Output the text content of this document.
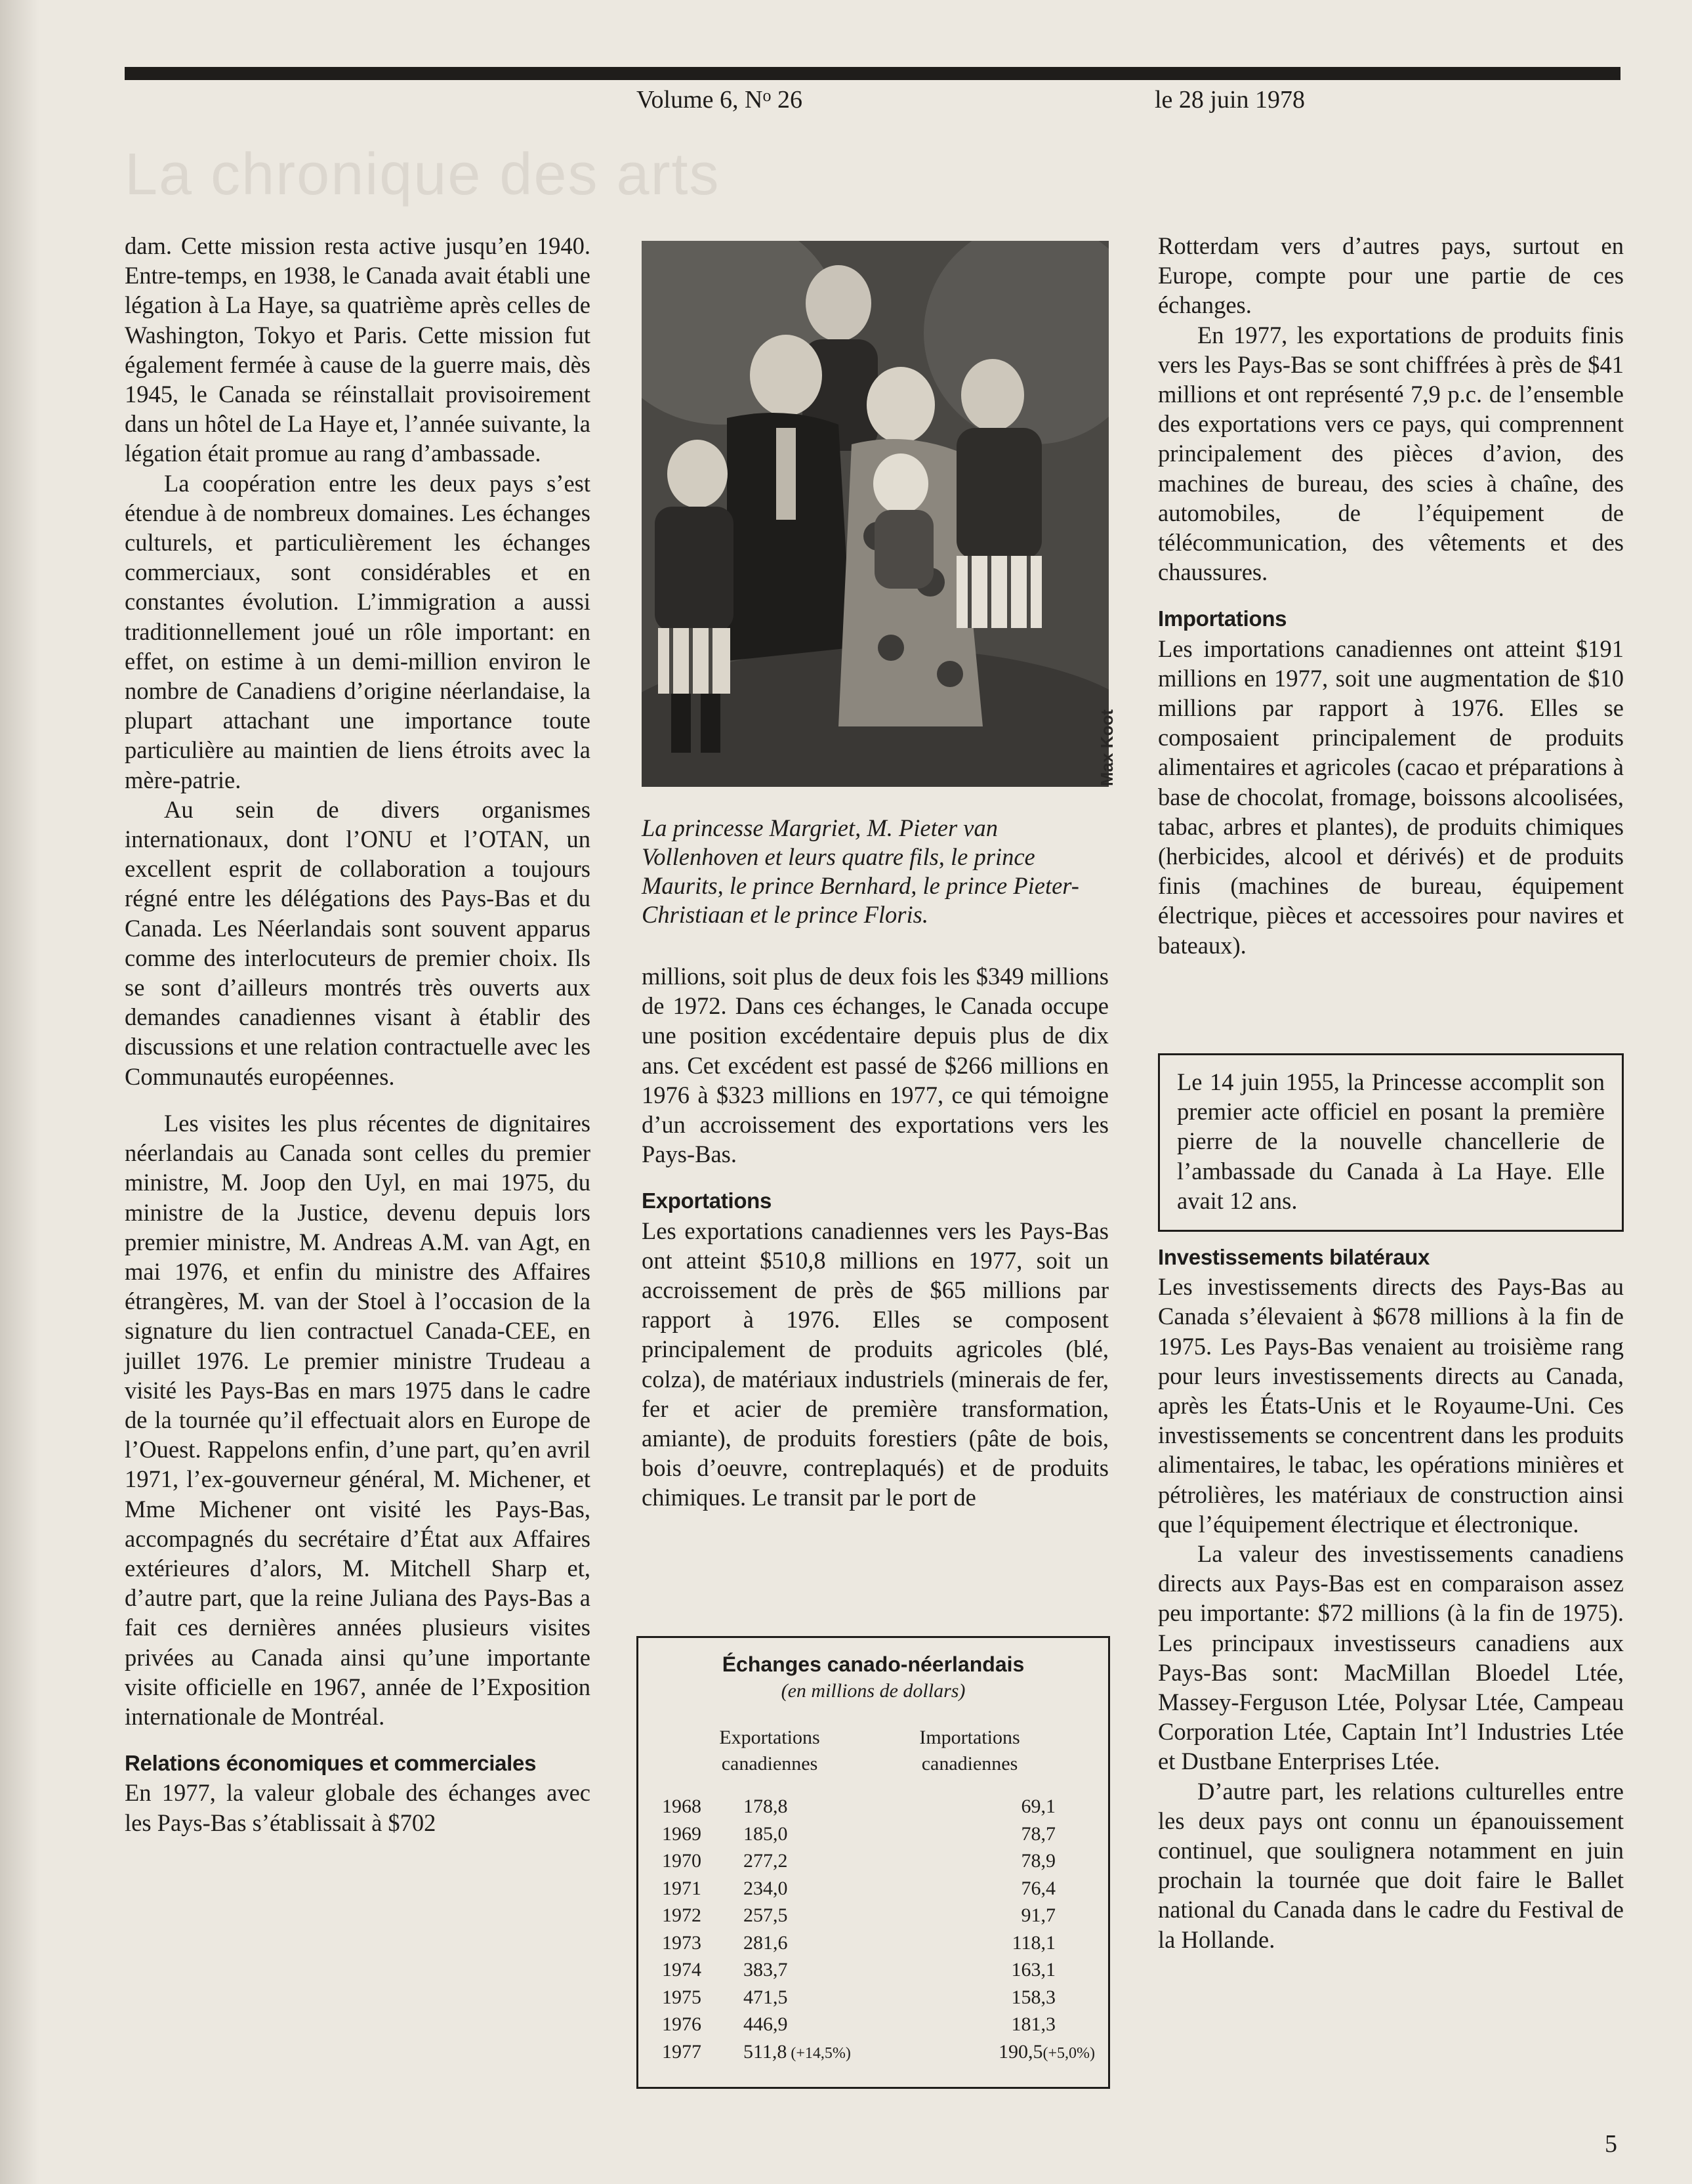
Volume 6, $N^o$ 26	le 28 juin 1978
La chronique des arts

dam. Cette mission resta active jusqu’en 1940. Entre-temps, en 1938, le Canada avait établi une légation à La Haye, sa quatrième après celles de Washington, Tokyo et Paris. Cette mission fut également fermée à cause de la guerre mais, dès 1945, le Canada se réinstallait provisoirement dans un hôtel de La Haye et, l’année suivante, la légation était promue au rang d’ambassade.

La coopération entre les deux pays s’est étendue à de nombreux domaines. Les échanges culturels, et particulièrement les échanges commerciaux, sont considérables et en constantes évolution. L’immigration a aussi traditionnellement joué un rôle important: en effet, on estime à un demi-million environ le nombre de Canadiens d’origine néerlandaise, la plupart attachant une importance toute particulière au maintien de liens étroits avec la mère-patrie.

Au sein de divers organismes internationaux, dont l’ONU et l’OTAN, un excellent esprit de collaboration a toujours régné entre les délégations des Pays-Bas et du Canada. Les Néerlandais sont souvent apparus comme des interlocuteurs de premier choix. Ils se sont d’ailleurs montrés très ouverts aux demandes canadiennes visant à établir des discussions et une relation contractuelle avec les Communautés européennes.

Les visites les plus récentes de dignitaires néerlandais au Canada sont celles du premier ministre, M. Joop den Uyl, en mai 1975, du ministre de la Justice, devenu depuis lors premier ministre, M. Andreas A.M. van Agt, en mai 1976, et enfin du ministre des Affaires étrangères, M. van der Stoel à l’occasion de la signature du lien contractuel Canada-CEE, en juillet 1976. Le premier ministre Trudeau a visité les Pays-Bas en mars 1975 dans le cadre de la tournée qu’il effectuait alors en Europe de l’Ouest. Rappelons enfin, d’une part, qu’en avril 1971, l’ex-gouverneur général, M. Michener, et Mme Michener ont visité les Pays-Bas, accompagnés du secrétaire d’État aux Affaires extérieures d’alors, M. Mitchell Sharp et, d’autre part, que la reine Juliana des Pays-Bas a fait ces dernières années plusieurs visites privées au Canada ainsi qu’une importante visite officielle en 1967, année de l’Exposition internationale de Montréal.

Relations économiques et commerciales

En 1977, la valeur globale des échanges avec les Pays-Bas s’établissait à $702

Max Koot
La princesse Margriet, M. Pieter van Vollenhoven et leurs quatre fils, le prince Maurits, le prince Bernhard, le prince Pieter-Christiaan et le prince Floris.

millions, soit plus de deux fois les $349 millions de 1972. Dans ces échanges, le Canada occupe une position excédentaire depuis plus de dix ans. Cet excédent est passé de $266 millions en 1976 à $323 millions en 1977, ce qui témoigne d’un accroissement des exportations vers les Pays-Bas.

Exportations

Les exportations canadiennes vers les Pays-Bas ont atteint $510,8 millions en 1977, soit un accroissement de près de $65 millions par rapport à 1976. Elles se composent principalement de produits agricoles (blé, colza), de matériaux industriels (minerais de fer, fer et acier de première transformation, amiante), de produits forestiers (pâte de bois, bois d’oeuvre, contreplaqués) et de produits chimiques. Le transit par le port de

Échanges canado-néerlandais
(en millions de dollars)
Exportations
canadiennes
Importations
canadiennes
1968 178,8	69,1
1969 185,0	78,7
1970 277,2	78,9
1971 234,0	76,4
1972 257,5	91,7
1973 281,6	118,1
1974 383,7	163,1
1975 471,5	158,3
1976 446,9	181,3
1977 511,8 (+14,5%)	190,5(+5,0%)

Rotterdam vers d’autres pays, surtout en Europe, compte pour une partie de ces échanges.

En 1977, les exportations de produits finis vers les Pays-Bas se sont chiffrées à près de $41 millions et ont représenté 7,9 p.c. de l’ensemble des exportations vers ce pays, qui comprennent principalement des pièces d’avion, des machines de bureau, des scies à chaîne, des automobiles, de l’équipement de télécommunication, des vêtements et des chaussures.

Importations

Les importations canadiennes ont atteint $191 millions en 1977, soit une augmentation de $10 millions par rapport à 1976. Elles se composaient principalement de produits alimentaires et agricoles (cacao et préparations à base de chocolat, fromage, boissons alcoolisées, tabac, arbres et plantes), de produits chimiques (herbicides, alcool et dérivés) et de produits finis (machines de bureau, équipement électrique, pièces et accessoires pour navires et bateaux).

Le 14 juin 1955, la Princesse accomplit son premier acte officiel en posant la première pierre de la nouvelle chancellerie de l’ambassade du Canada à La Haye. Elle avait 12 ans.
Investissements bilatéraux

Les investissements directs des Pays-Bas au Canada s’élevaient à $678 millions à la fin de 1975. Les Pays-Bas venaient au troisième rang pour leurs investissements directs au Canada, après les États-Unis et le Royaume-Uni. Ces investissements se concentrent dans les produits alimentaires, le tabac, les opérations minières et pétrolières, les matériaux de construction ainsi que l’équipement électrique et électronique.

La valeur des investissements canadiens directs aux Pays-Bas est en comparaison assez peu importante: $72 millions (à la fin de 1975). Les principaux investisseurs canadiens aux Pays-Bas sont: MacMillan Bloedel Ltée, Massey-Ferguson Ltée, Polysar Ltée, Campeau Corporation Ltée, Captain Int’l Industries Ltée et Dustbane Enterprises Ltée.

D’autre part, les relations culturelles entre les deux pays ont connu un épanouissement continuel, que soulignera notamment en juin prochain la tournée que doit faire le Ballet national du Canada dans le cadre du Festival de la Hollande.

5
